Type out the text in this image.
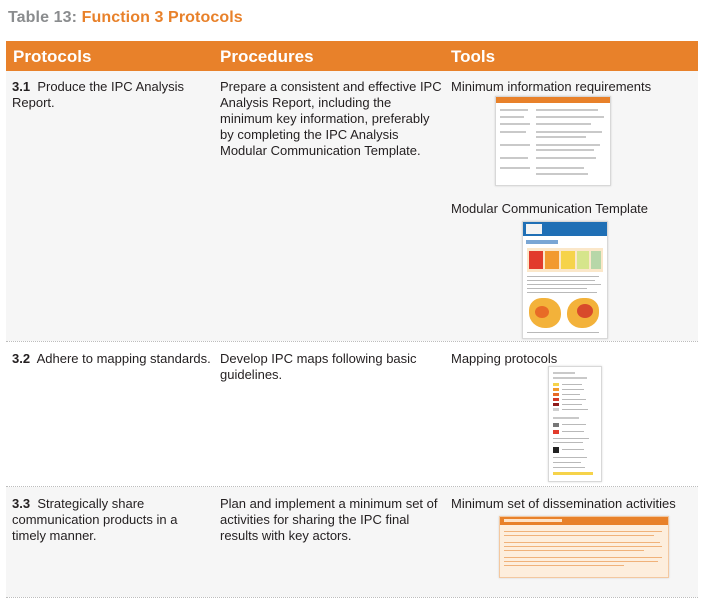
Table 13: Function 3 Protocols
Protocols	Procedures	Tools
3.1 Produce the IPC Analysis Report.
Prepare a consistent and effective IPC Analysis Report, including the minimum key information, preferably by completing the IPC Analysis Modular Communication Template.
Minimum information requirements
Modular Communication Template
3.2 Adhere to mapping standards. Develop IPC maps following basic guidelines.
Mapping protocols
3.3 Strategically share communication products in a timely manner.
Plan and implement a minimum set of activities for sharing the IPC final results with key actors.
Minimum set of dissemination activities
